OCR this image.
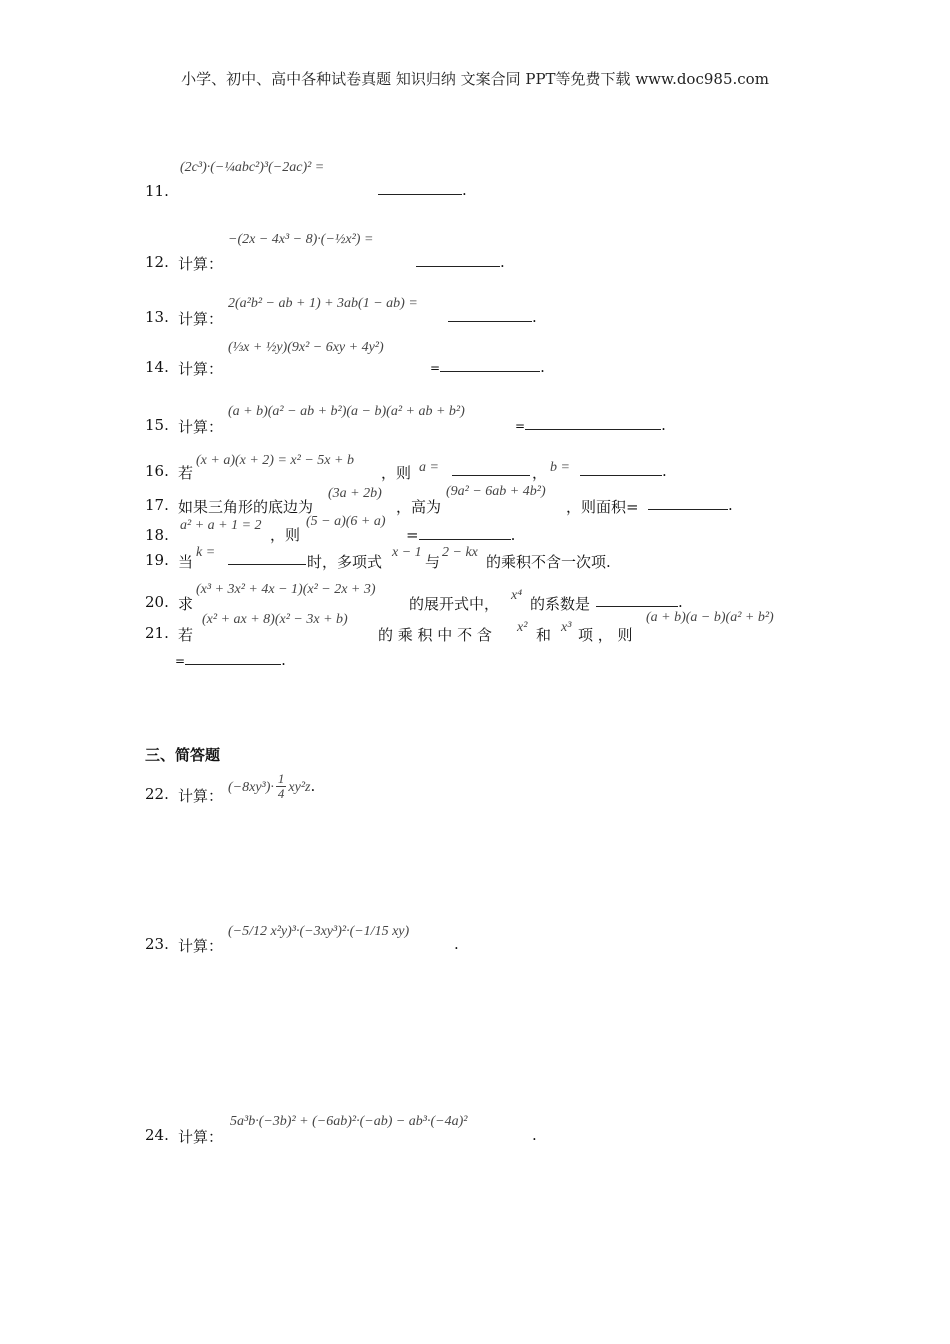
小学、初中、高中各种试卷真题 知识归纳 文案合同 PPT等免费下载 www.doc985.com
11.
(2c³)·(−¼abc²)³(−2ac)² =
.
12. 计算：
−(2x − 4x³ − 8)·(−½x²) =
.
13. 计算：
2(a²b² − ab + 1) + 3ab(1 − ab) =
.
14. 计算：
(⅓x + ½y)(9x² − 6xy + 4y²)
=	.
15. 计算：
(a + b)(a² − ab + b²)(a − b)(a² + ab + b²)
=	.
16. 若
(x + a)(x + 2) = x² − 5x + b
，则 a =	， b =	.
17. 如果三角形的底边为
(3a + 2b)
，高为
(9a² − 6ab + 4b²)
，则面积=	.
18.
a² + a + 1 = 2
，则
(5 − a)(6 + a)
=	.
19. 当
k =
时，多项式
x − 1
与
2 − kx
的乘积不含一次项.
20. 求
(x³ + 3x² + 4x − 1)(x² − 2x + 3)
的展开式中， x⁴ 的系数是	.
21. 若
(x² + ax + 8)(x² − 3x + b)
的 乘 积 中 不 含 x² 和 x³ 项 ， 则
(a + b)(a − b)(a² + b²)
=	.
三、简答题
22. 计算： $(-8xy^3)\cdot \frac{1}{4} xy^2z$.
23. 计算：
(−5/12 x²y)³·(−3xy³)²·(−1/15 xy)
.
24. 计算：
5a³b·(−3b)² + (−6ab)²·(−ab) − ab³·(−4a)²
.
